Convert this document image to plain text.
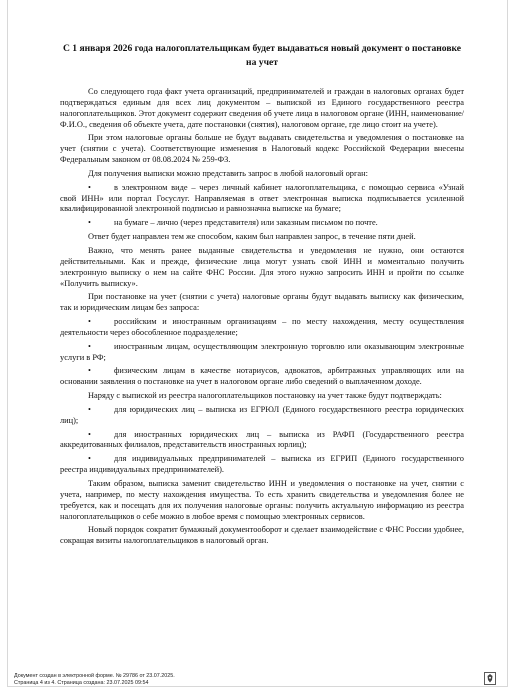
С 1 января 2026 года налогоплательщикам будет выдаваться новый документ о постановке на учет

Со следующего года факт учета организаций, предпринимателей и граждан в налоговых органах будет подтверждаться единым для всех лиц документом – выпиской из Единого государственного реестра налогоплательщиков. Этот документ содержит сведения об учете лица в налоговом органе (ИНН, наименование/Ф.И.О., сведения об объекте учета, дате постановки (снятия), налоговом органе, где лицо стоит на учете).

При этом налоговые органы больше не будут выдавать свидетельства и уведомления о постановке на учет (снятии с учета). Соответствующие изменения в Налоговый кодекс Российской Федерации внесены Федеральным законом от 08.08.2024 № 259-ФЗ.

Для получения выписки можно представить запрос в любой налоговый орган:

•	в электронном виде – через личный кабинет налогоплательщика, с помощью сервиса «Узнай свой ИНН» или портал Госуслуг. Направляемая в ответ электронная выписка подписывается усиленной квалифицированной электронной подписью и равнозначна выписке на бумаге;

•	на бумаге – лично (через представителя) или заказным письмом по почте.

Ответ будет направлен тем же способом, каким был направлен запрос, в течение пяти дней.

Важно, что менять ранее выданные свидетельства и уведомления не нужно, они остаются действительными. Как и прежде, физические лица могут узнать свой ИНН и моментально получить электронную выписку о нем на сайте ФНС России. Для этого нужно запросить ИНН и пройти по ссылке «Получить выписку».

При постановке на учет (снятии с учета) налоговые органы будут выдавать выписку как физическим, так и юридическим лицам без запроса:

•	российским и иностранным организациям – по месту нахождения, месту осуществления деятельности через обособленное подразделение;

•	иностранным лицам, осуществляющим электронную торговлю или оказывающим электронные услуги в РФ;

•	физическим лицам в качестве нотариусов, адвокатов, арбитражных управляющих или на основании заявления о постановке на учет в налоговом органе либо сведений о выплаченном доходе.

Наряду с выпиской из реестра налогоплательщиков постановку на учет также будут подтверждать:

•	для юридических лиц – выписка из ЕГРЮЛ (Единого государственного реестра юридических лиц);

•	для иностранных юридических лиц – выписка из РАФП (Государственного реестра аккредитованных филиалов, представительств иностранных юрлиц);

•	для индивидуальных предпринимателей – выписка из ЕГРИП (Единого государственного реестра индивидуальных предпринимателей).

Таким образом, выписка заменит свидетельство ИНН и уведомления о постановке на учет, снятии с учета, например, по месту нахождения имущества. То есть хранить свидетельства и уведомления более не требуется, как и посещать для их получения налоговые органы: получить актуальную информацию из реестра налогоплательщиков о себе можно в любое время с помощью электронных сервисов.

Новый порядок сократит бумажный документооборот и сделает взаимодействие с ФНС России удобнее, сокращая визиты налогоплательщиков в налоговый орган.

Документ создан в электронной форме. № 29786 от 23.07.2025.
Страница 4 из 4. Страница создана: 23.07.2025 09:54
